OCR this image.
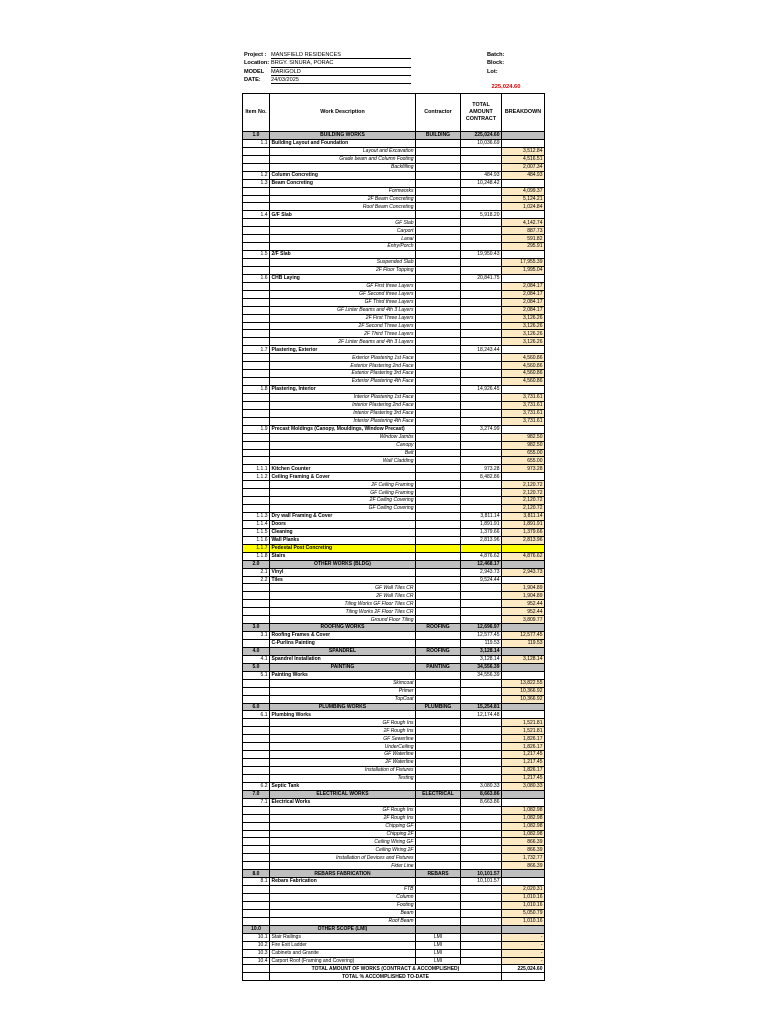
Project : MANSFIELD RESIDENCES	Batch:
Location: BRGY. SINURA, PORAC	Block:
MODEL	MARIGOLD	Lot:
DATE:	24/03/2025
225,024.60
Item No.	Work Description	Contractor	TOTAL AMOUNT CONTRACT	BREAKDOWN
1.0	BUILDING WORKS	BUILDING	225,024.60	
1.1	Building Layout and Foundation		10,036.69	
	Layout and Excavation			3,512.84
	Grade beam and Column Footing			4,516.51
	Backfilling			2,007.34
1.2	Column Concreting		484.93	484.93
1.3	Beam Concreting		10,248.42	
	Formworks			4,099.37
	2F Beam Concreting			5,124.21
	Roof Beam Concreting			1,024.84
1.4	G/F Slab		5,918.20	
	GF Slab			4,142.74
	Carport			887.73
	Lanai			591.82
	Entry/Porch			295.91
1.5	2/F Slab		19,950.43	
	Suspended Slab			17,955.39
	2F Floor Topping			1,995.04
1.6	CHB Laying		20,841.75	
	GF First three Layers			2,084.17
	GF Second three Layers			2,084.17
	GF Third three Layers			2,084.17
	GF Linter Beams and 4th 3 Layers			2,084.17
	2F First Three Layers			3,126.26
	2F Second Three Layers			3,126.26
	2F Third Three Layers			3,126.26
	2F Linter Beams and 4th 3 Layers			3,126.26
1.7	Plastering, Exterior		18,243.44	
	Exterior Plastering 1st Face			4,560.86
	Exterior Plastering 2nd Face			4,560.86
	Exterior Plastering 3rd Face			4,560.86
	Exterior Plastering 4th Face			4,560.86
1.8	Plastering, Interior		14,926.45	
	Interior Plastering 1st Face			3,731.61
	Interior Plastering 2nd Face			3,731.61
	Interior Plastering 3rd Face			3,731.61
	Interior Plastering 4th Face			3,731.61
1.9	Precast Moldings (Canopy, Mouldings, Window Precast)		3,274.99	
	Window Jambs			982.50
	Canopy			982.50
	Belt			655.00
	Wall Cladding			655.00
1.1.1	Kitchen Counter		973.28	973.28
1.1.2	Ceiling Framing & Cover		8,482.86	
	2F Ceiling Framing			2,120.72
	GF Ceiling Framing			2,120.72
	2F Ceiling Covering			2,120.72
	GF Ceiling Covering			2,120.72
1.1.3	Dry wall Framing & Cover		3,811.14	3,811.14
1.1.4	Doors		1,891.91	1,891.91
1.1.5	Cleaning		1,379.66	1,379.66
1.1.6	Wall Planks		2,813.96	2,813.96
1.1.7	Pedestal Post Concreting			
1.1.8	Stairs		4,876.62	4,876.62
2.0	OTHER WORKS (BLDG)		12,468.17	
2.1	Vinyl		2,943.73	2,943.73
2.2	Tiles		9,524.44	
	GF Wall Tiles CR			1,904.89
	2F Wall Tiles CR			1,904.89
	Tiling Works GF Floor Tiles CR			952.44
	Tiling Works 2F Floor Tiles CR			952.44
	Ground Floor Tiling			3,809.77
3.0	ROOFING WORKS	ROOFING	12,696.97	
3.1	Roofing Frames & Cover		12,577.45	12,577.45
	C-Purlins Painting		119.53	119.53
4.0	SPANDREL	ROOFING	3,128.14	
4.1	Spandrel Installation		3,128.14	3,128.14
5.0	PAINTING	PAINTING	34,556.39	
5.1	Painting Works		34,556.39	
	Skimcoat			13,822.55
	Primer			10,366.92
	TopCoat			10,366.92
6.0	PLUMBING WORKS	PLUMBING	15,254.81	
6.1	Plumbing Works		12,174.48	
	GF Rough Ins			1,521.81
	2F Rough Ins			1,521.81
	GF Sewerline			1,826.17
	UnderCeiling			1,826.17
	GF Waterline			1,217.45
	2F Waterline			1,217.45
	Installation of Fixtures			1,826.17
	Testing			1,217.45
6.2	Septic Tank		3,080.33	3,080.33
7.0	ELECTRICAL WORKS	ELECTRICAL	8,663.86	
7.1	Electrical Works		8,663.86	
	GF Rough Ins			1,082.98
	2F Rough Ins			1,082.98
	Chipping GF			1,082.98
	Chipping 2F			1,082.98
	Ceiling Wiring GF			866.39
	Ceiling Wiring 2F			866.39
	Installation of Devices and Fixtures			1,732.77
	Fider Line			866.39
8.0	REBARS FABRICATION	REBARS	10,101.57	
8.1	Rebars Fabrication		10,101.57	
	FTB			2,020.31
	Column			1,010.16
	Footing			1,010.16
	Beam			5,050.79
	Roof Beam			1,010.16
10.0	OTHER SCOPE (LMI)			
10.1	Stair Railings	LMI		-
10.2	Fire Exit Ladder	LMI		-
10.3	Cabinets and Granite	LMI		-
10.4	Carport Roof (Framing and Covering)	LMI		-
	TOTAL AMOUNT OF WORKS (CONTRACT & ACCOMPLISHED)			225,024.60
	TOTAL % ACCOMPLISHED TO-DATE			
